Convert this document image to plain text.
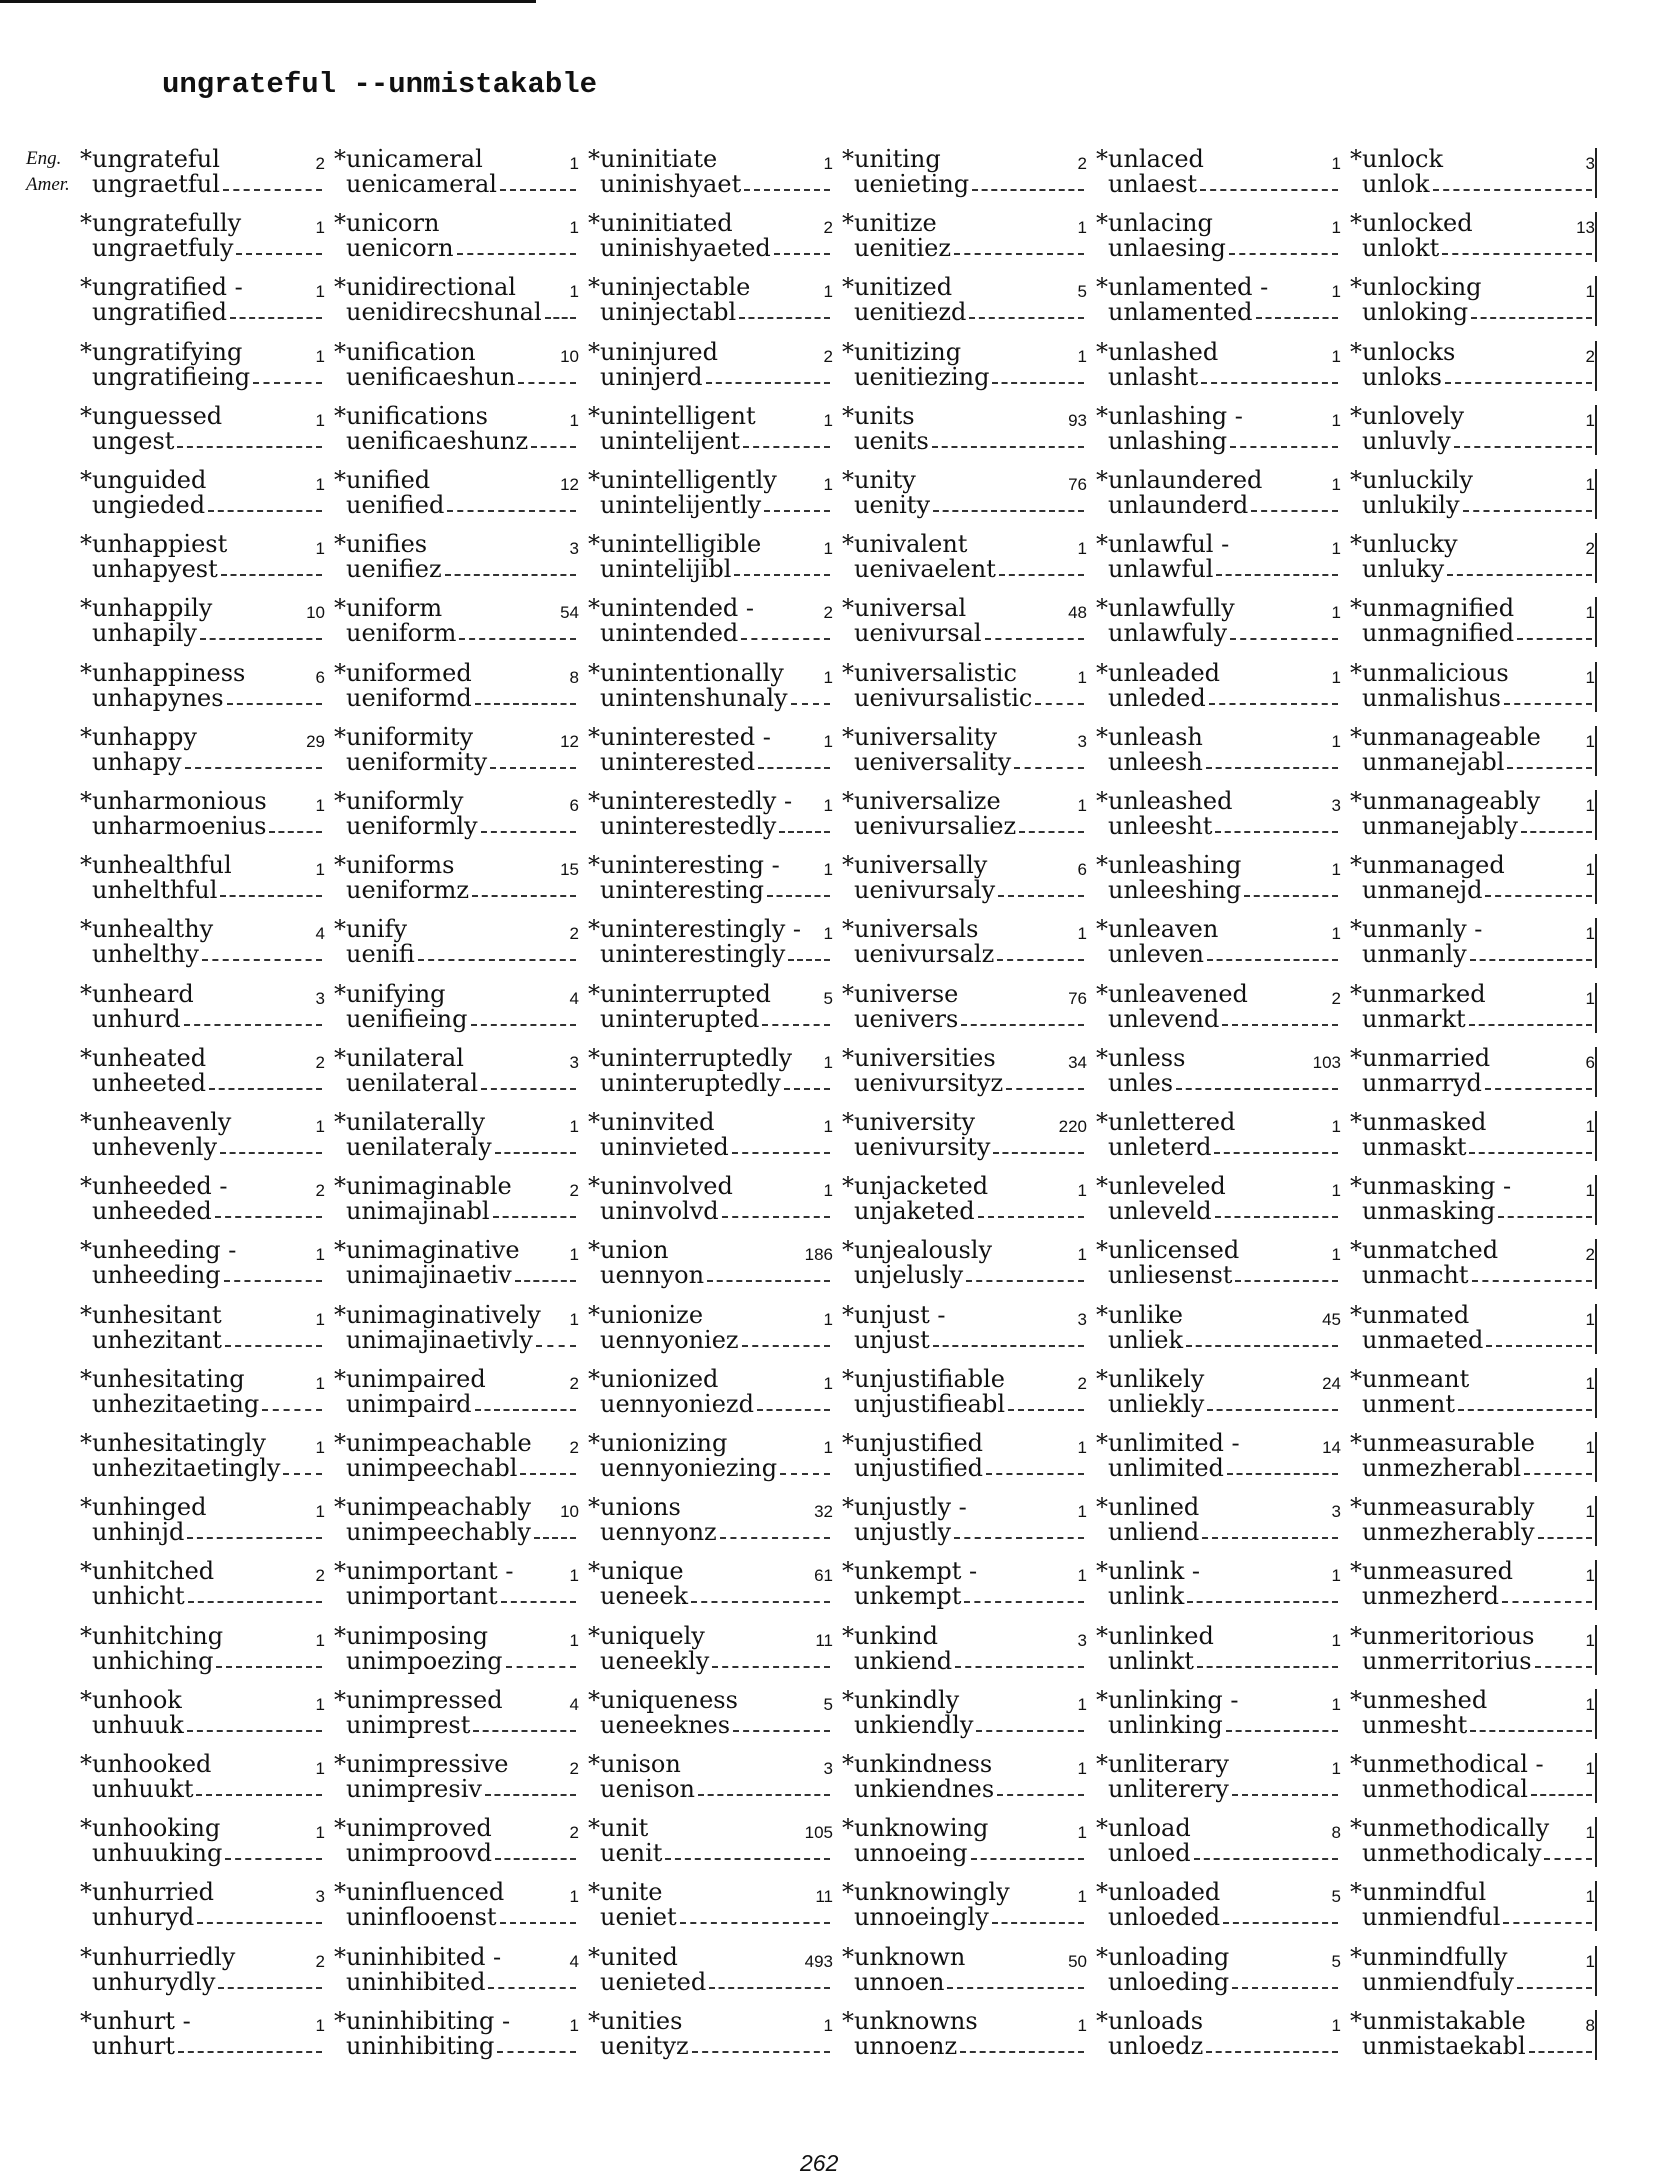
ungrateful --unmistakable
Eng.
Amer.
*ungrateful
ungraetful
2
*ungratefully
ungraetfuly
1
*ungratified -
ungratified
1
*ungratifying
ungratifieing
1
*unguessed
ungest
1
*unguided
ungieded
1
*unhappiest
unhapyest
1
*unhappily
unhapily
10
*unhappiness
unhapynes
6
*unhappy
unhapy
29
*unharmonious
unharmoenius
1
*unhealthful
unhelthful
1
*unhealthy
unhelthy
4
*unheard
unhurd
3
*unheated
unheeted
2
*unheavenly
unhevenly
1
*unheeded -
unheeded
2
*unheeding -
unheeding
1
*unhesitant
unhezitant
1
*unhesitating
unhezitaeting
1
*unhesitatingly
unhezitaetingly
1
*unhinged
unhinjd
1
*unhitched
unhicht
2
*unhitching
unhiching
1
*unhook
unhuuk
1
*unhooked
unhuukt
1
*unhooking
unhuuking
1
*unhurried
unhuryd
3
*unhurriedly
unhurydly
2
*unhurt -
unhurt
1
*unicameral
uenicameral
1
*unicorn
uenicorn
1
*unidirectional
uenidirecshunal
1
*unification
uenificaeshun
10
*unifications
uenificaeshunz
1
*unified
uenified
12
*unifies
uenifiez
3
*uniform
ueniform
54
*uniformed
ueniformd
8
*uniformity
ueniformity
12
*uniformly
ueniformly
6
*uniforms
ueniformz
15
*unify
uenifi
2
*unifying
uenifieing
4
*unilateral
uenilateral
3
*unilaterally
uenilateraly
1
*unimaginable
unimajinabl
2
*unimaginative
unimajinaetiv
1
*unimaginatively
unimajinaetivly
1
*unimpaired
unimpaird
2
*unimpeachable
unimpeechabl
2
*unimpeachably
unimpeechably
10
*unimportant -
unimportant
1
*unimposing
unimpoezing
1
*unimpressed
unimprest
4
*unimpressive
unimpresiv
2
*unimproved
unimproovd
2
*uninfluenced
uninflooenst
1
*uninhibited -
uninhibited
4
*uninhibiting -
uninhibiting
1
*uninitiate
uninishyaet
1
*uninitiated
uninishyaeted
2
*uninjectable
uninjectabl
1
*uninjured
uninjerd
2
*unintelligent
unintelijent
1
*unintelligently
unintelijently
1
*unintelligible
unintelijibl
1
*unintended -
unintended
2
*unintentionally
unintenshunaly
1
*uninterested -
uninterested
1
*uninterestedly -
uninterestedly
1
*uninteresting -
uninteresting
1
*uninterestingly -
uninterestingly
1
*uninterrupted
uninterupted
5
*uninterruptedly
uninteruptedly
1
*uninvited
uninvieted
1
*uninvolved
uninvolvd
1
*union
uennyon
186
*unionize
uennyoniez
1
*unionized
uennyoniezd
1
*unionizing
uennyoniezing
1
*unions
uennyonz
32
*unique
ueneek
61
*uniquely
ueneekly
11
*uniqueness
ueneeknes
5
*unison
uenison
3
*unit
uenit
105
*unite
ueniet
11
*united
uenieted
493
*unities
uenityz
1
*uniting
uenieting
2
*unitize
uenitiez
1
*unitized
uenitiezd
5
*unitizing
uenitiezing
1
*units
uenits
93
*unity
uenity
76
*univalent
uenivaelent
1
*universal
uenivursal
48
*universalistic
uenivursalistic
1
*universality
ueniversality
3
*universalize
uenivursaliez
1
*universally
uenivursaly
6
*universals
uenivursalz
1
*universe
uenivers
76
*universities
uenivursityz
34
*university
uenivursity
220
*unjacketed
unjaketed
1
*unjealously
unjelusly
1
*unjust -
unjust
3
*unjustifiable
unjustifieabl
2
*unjustified
unjustified
1
*unjustly -
unjustly
1
*unkempt -
unkempt
1
*unkind
unkiend
3
*unkindly
unkiendly
1
*unkindness
unkiendnes
1
*unknowing
unnoeing
1
*unknowingly
unnoeingly
1
*unknown
unnoen
50
*unknowns
unnoenz
1
*unlaced
unlaest
1
*unlacing
unlaesing
1
*unlamented -
unlamented
1
*unlashed
unlasht
1
*unlashing -
unlashing
1
*unlaundered
unlaunderd
1
*unlawful -
unlawful
1
*unlawfully
unlawfuly
1
*unleaded
unleded
1
*unleash
unleesh
1
*unleashed
unleesht
3
*unleashing
unleeshing
1
*unleaven
unleven
1
*unleavened
unlevend
2
*unless
unles
103
*unlettered
unleterd
1
*unleveled
unleveld
1
*unlicensed
unliesenst
1
*unlike
unliek
45
*unlikely
unliekly
24
*unlimited -
unlimited
14
*unlined
unliend
3
*unlink -
unlink
1
*unlinked
unlinkt
1
*unlinking -
unlinking
1
*unliterary
unliterery
1
*unload
unloed
8
*unloaded
unloeded
5
*unloading
unloeding
5
*unloads
unloedz
1
*unlock
unlok
3
*unlocked
unlokt
13
*unlocking
unloking
1
*unlocks
unloks
2
*unlovely
unluvly
1
*unluckily
unlukily
1
*unlucky
unluky
2
*unmagnified
unmagnified
1
*unmalicious
unmalishus
1
*unmanageable
unmanejabl
1
*unmanageably
unmanejably
1
*unmanaged
unmanejd
1
*unmanly -
unmanly
1
*unmarked
unmarkt
1
*unmarried
unmarryd
6
*unmasked
unmaskt
1
*unmasking -
unmasking
1
*unmatched
unmacht
2
*unmated
unmaeted
1
*unmeant
unment
1
*unmeasurable
unmezherabl
1
*unmeasurably
unmezherably
1
*unmeasured
unmezherd
1
*unmeritorious
unmerritorius
1
*unmeshed
unmesht
1
*unmethodical -
unmethodical
1
*unmethodically
unmethodicaly
1
*unmindful
unmiendful
1
*unmindfully
unmiendfuly
1
*unmistakable
unmistaekabl
8
262
